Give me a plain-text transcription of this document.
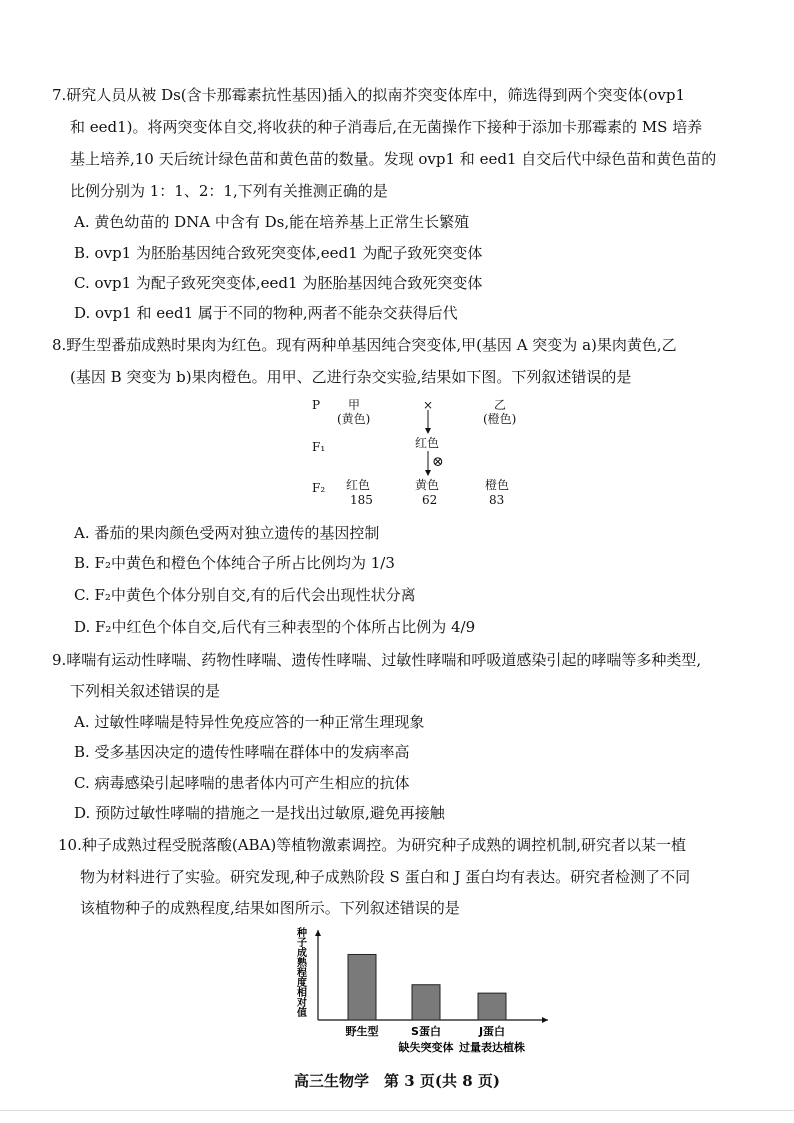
7.研究人员从被 Ds(含卡那霉素抗性基因)插入的拟南芥突变体库中，筛选得到两个突变体(ovp1
和 eed1)。将两突变体自交,将收获的种子消毒后,在无菌操作下接种于添加卡那霉素的 MS 培养
基上培养,10 天后统计绿色苗和黄色苗的数量。发现 ovp1 和 eed1 自交后代中绿色苗和黄色苗的
比例分别为 1：1、2：1,下列有关推测正确的是
A. 黄色幼苗的 DNA 中含有 Ds,能在培养基上正常生长繁殖
B. ovp1 为胚胎基因纯合致死突变体,eed1 为配子致死突变体
C. ovp1 为配子致死突变体,eed1 为胚胎基因纯合致死突变体
D. ovp1 和 eed1 属于不同的物种,两者不能杂交获得后代
8.野生型番茄成熟时果肉为红色。现有两种单基因纯合突变体,甲(基因 A 突变为 a)果肉黄色,乙
(基因 B 突变为 b)果肉橙色。用甲、乙进行杂交实验,结果如下图。下列叙述错误的是
P 甲
(黄色)
×	乙
(橙色)
F₁	红色
⊗
F₂ 红色
185
黄色
62
橙色
83
A. 番茄的果肉颜色受两对独立遗传的基因控制
B. F₂中黄色和橙色个体纯合子所占比例均为 1/3
C. F₂中黄色个体分别自交,有的后代会出现性状分离
D. F₂中红色个体自交,后代有三种表型的个体所占比例为 4/9
9.哮喘有运动性哮喘、药物性哮喘、遗传性哮喘、过敏性哮喘和呼吸道感染引起的哮喘等多种类型,
下列相关叙述错误的是
A. 过敏性哮喘是特异性免疫应答的一种正常生理现象
B. 受多基因决定的遗传性哮喘在群体中的发病率高
C. 病毒感染引起哮喘的患者体内可产生相应的抗体
D. 预防过敏性哮喘的措施之一是找出过敏原,避免再接触
10.种子成熟过程受脱落酸(ABA)等植物激素调控。为研究种子成熟的调控机制,研究者以某一植
物为材料进行了实验。研究发现,种子成熟阶段 S 蛋白和 J 蛋白均有表达。研究者检测了不同
该植物种子的成熟程度,结果如图所示。下列叙述错误的是
种
子
成
熟
程
度
相
对
值
野生型	S蛋白
缺失突变体
J蛋白
过量表达植株
高三生物学　第 3 页(共 8 页)
